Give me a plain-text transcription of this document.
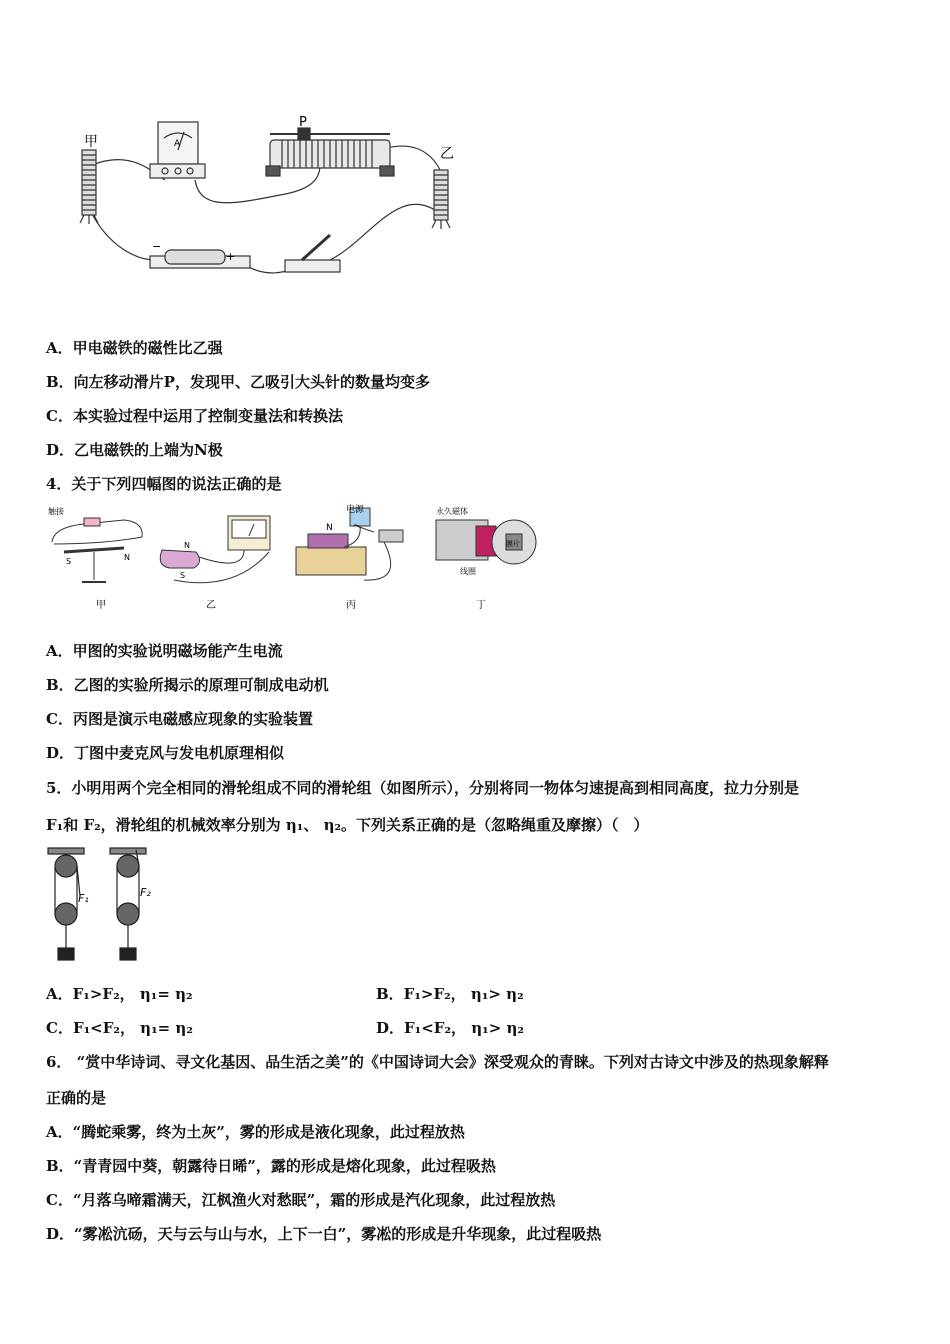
甲
乙
P
A
−
+
A．甲电磁铁的磁性比乙强
B．向左移动滑片P，发现甲、乙吸引大头针的数量均变多
C．本实验过程中运用了控制变量法和转换法
D．乙电磁铁的上端为N极
4．关于下列四幅图的说法正确的是
触接
S	N
N
S
N
电源	永久磁体
膜片
线圈
甲	乙	丙	丁
A．甲图的实验说明磁场能产生电流
B．乙图的实验所揭示的原理可制成电动机
C．丙图是演示电磁感应现象的实验装置
D．丁图中麦克风与发电机原理相似
5．小明用两个完全相同的滑轮组成不同的滑轮组（如图所示），分别将同一物体匀速提高到相同高度，拉力分别是
F₁和 F₂，滑轮组的机械效率分别为 η₁、 η₂。下列关系正确的是（忽略绳重及摩擦）（　）
F₁	F₂
A．F₁>F₂， η₁= η₂	B．F₁>F₂， η₁> η₂
C．F₁<F₂， η₁= η₂	D．F₁<F₂， η₁> η₂
6． “赏中华诗词、寻文化基因、品生活之美”的《中国诗词大会》深受观众的青睐。下列对古诗文中涉及的热现象解释
正确的是
A．“腾蛇乘雾，终为土灰”，雾的形成是液化现象，此过程放热
B．“青青园中葵，朝露待日晞”，露的形成是熔化现象，此过程吸热
C．“月落乌啼霜满天，江枫渔火对愁眠”，霜的形成是汽化现象，此过程放热
D．“雾凇沆砀，天与云与山与水，上下一白”，雾凇的形成是升华现象，此过程吸热
